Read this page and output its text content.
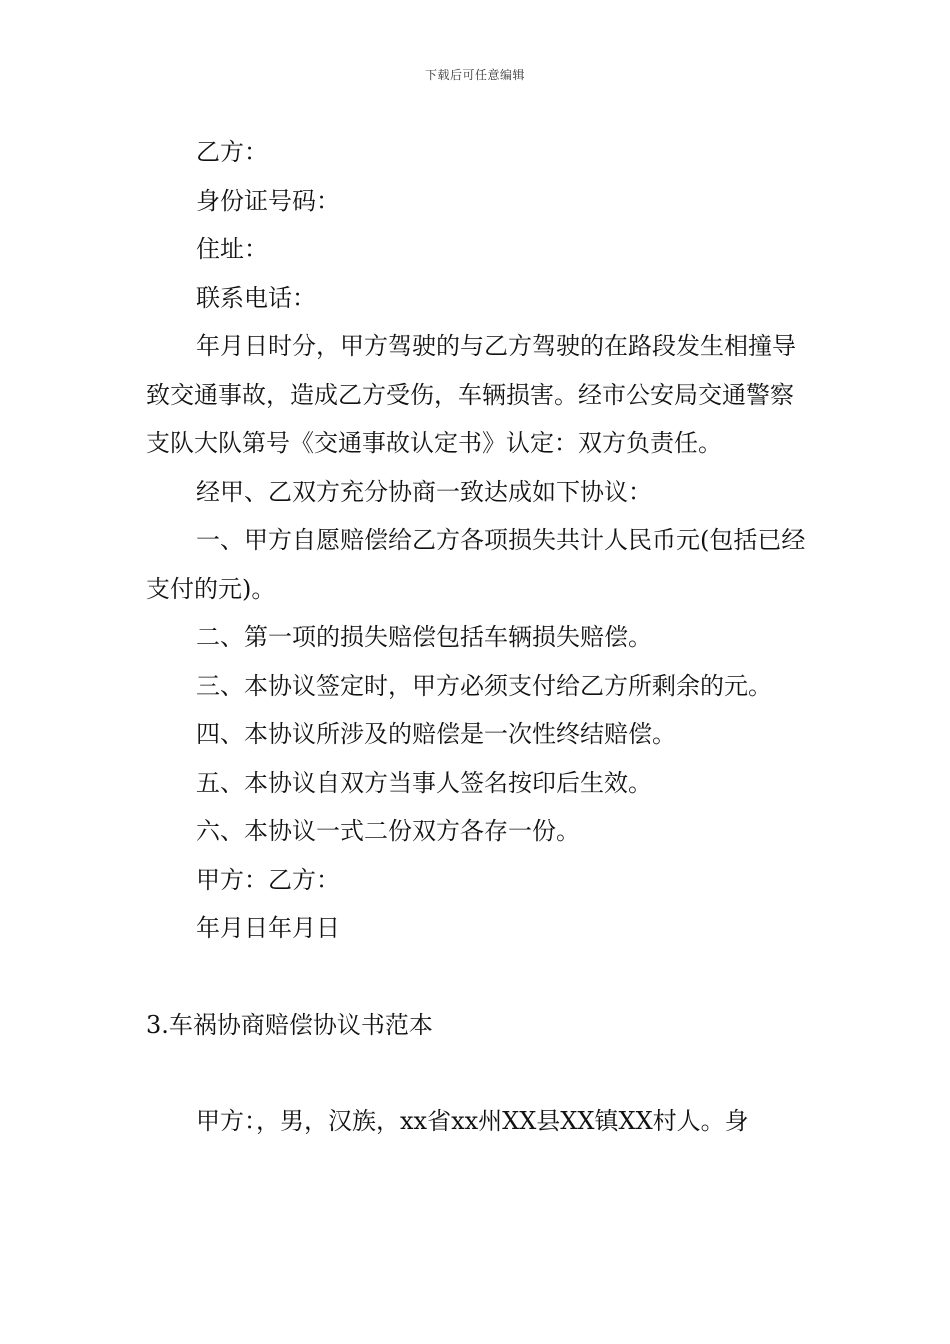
下载后可任意编辑

乙方：

身份证号码：

住址：

联系电话：

年月日时分，甲方驾驶的与乙方驾驶的在路段发生相撞导致交通事故，造成乙方受伤，车辆损害。经市公安局交通警察支队大队第号《交通事故认定书》认定：双方负责任。

经甲、乙双方充分协商一致达成如下协议：

一、甲方自愿赔偿给乙方各项损失共计人民币元(包括已经支付的元)。

二、第一项的损失赔偿包括车辆损失赔偿。

三、本协议签定时，甲方必须支付给乙方所剩余的元。

四、本协议所涉及的赔偿是一次性终结赔偿。

五、本协议自双方当事人签名按印后生效。

六、本协议一式二份双方各存一份。

甲方：乙方：

年月日年月日

3.车祸协商赔偿协议书范本

甲方：，男，汉族，xx省xx州XX县XX镇XX村人。身
